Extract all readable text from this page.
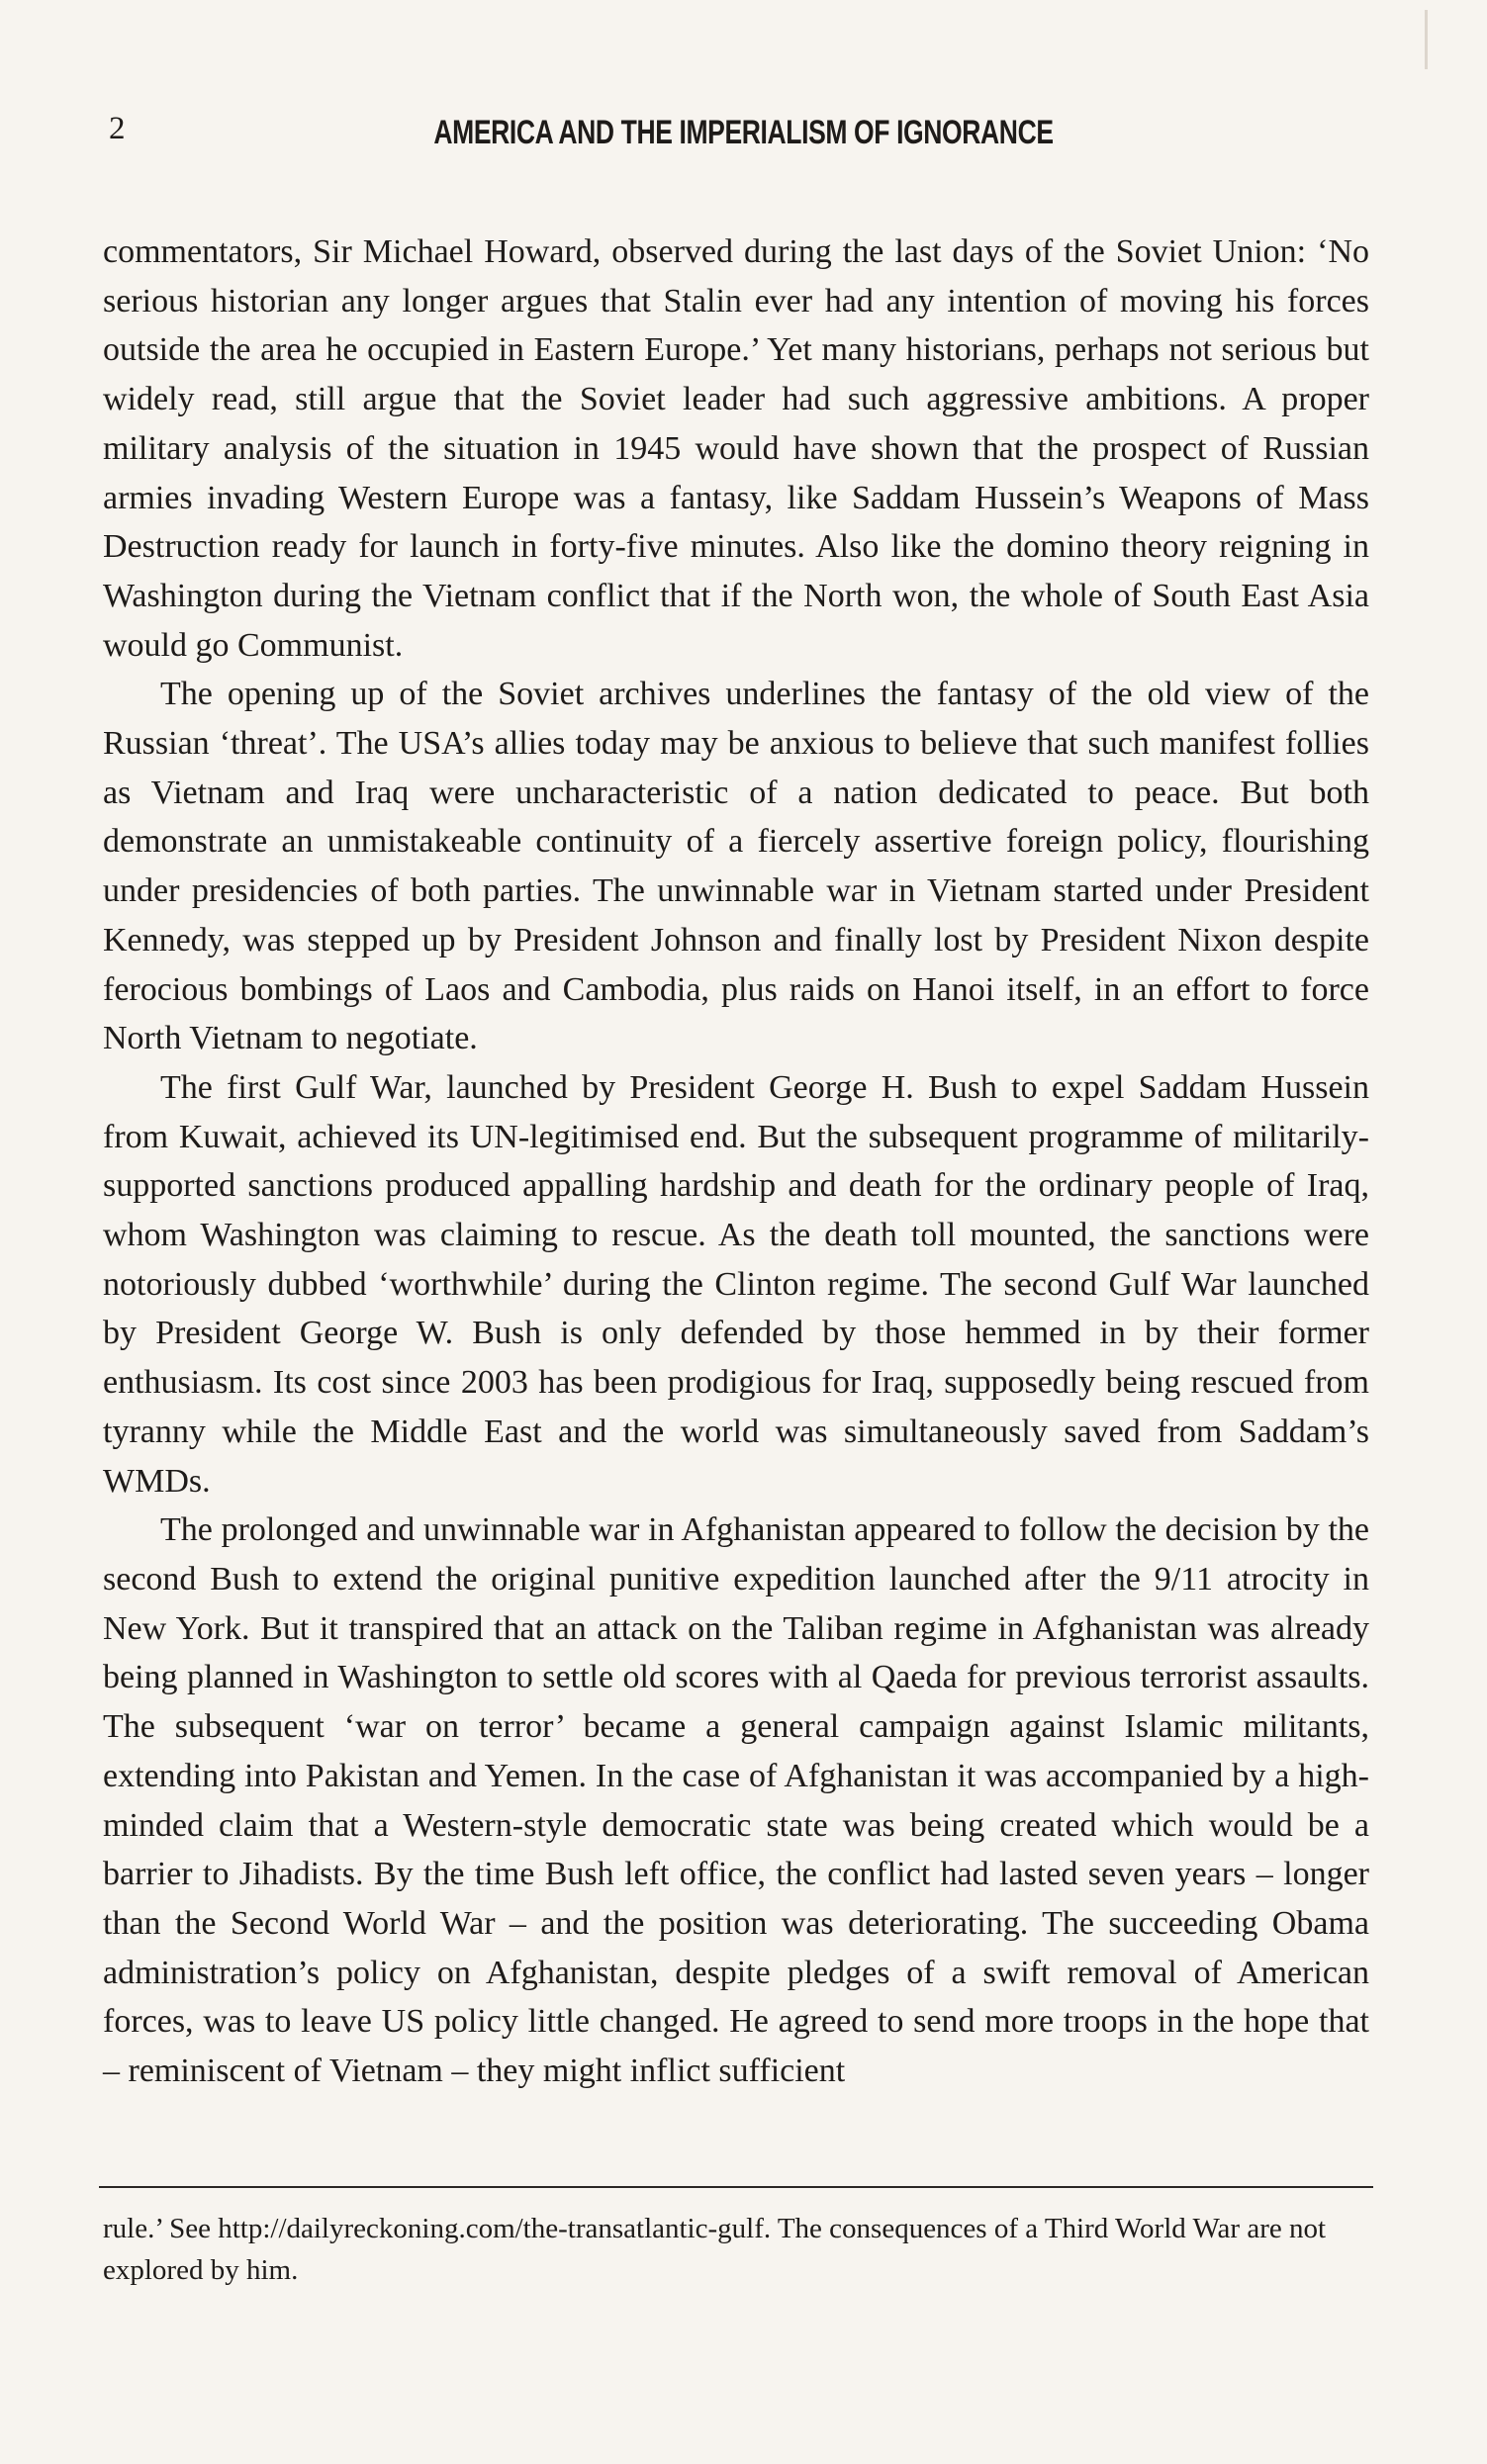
2	AMERICA AND THE IMPERIALISM OF IGNORANCE

commentators, Sir Michael Howard, observed during the last days of the Soviet Union: ‘No serious historian any longer argues that Stalin ever had any intention of moving his forces outside the area he occupied in Eastern Europe.’ Yet many historians, perhaps not serious but widely read, still argue that the Soviet leader had such aggressive ambitions. A proper military analysis of the situation in 1945 would have shown that the prospect of Russian armies invading Western Europe was a fantasy, like Saddam Hussein’s Weapons of Mass Destruction ready for launch in forty-five minutes. Also like the domino theory reigning in Washington during the Vietnam conflict that if the North won, the whole of South East Asia would go Communist.

The opening up of the Soviet archives underlines the fantasy of the old view of the Russian ‘threat’. The USA’s allies today may be anxious to believe that such manifest follies as Vietnam and Iraq were uncharacteristic of a nation dedicated to peace. But both demonstrate an unmistakeable continuity of a fiercely assertive foreign policy, flourishing under presidencies of both parties. The unwinnable war in Vietnam started under President Kennedy, was stepped up by President Johnson and finally lost by President Nixon despite ferocious bombings of Laos and Cambodia, plus raids on Hanoi itself, in an effort to force North Vietnam to negotiate.

The first Gulf War, launched by President George H. Bush to expel Saddam Hussein from Kuwait, achieved its UN-legitimised end. But the subsequent programme of militarily-supported sanctions produced appalling hardship and death for the ordinary people of Iraq, whom Washington was claiming to rescue. As the death toll mounted, the sanctions were notoriously dubbed ‘worthwhile’ during the Clinton regime. The second Gulf War launched by President George W. Bush is only defended by those hemmed in by their former enthusiasm. Its cost since 2003 has been prodigious for Iraq, supposedly being rescued from tyranny while the Middle East and the world was simultaneously saved from Saddam’s WMDs.

The prolonged and unwinnable war in Afghanistan appeared to follow the decision by the second Bush to extend the original punitive expedition launched after the 9/11 atrocity in New York. But it transpired that an attack on the Taliban regime in Afghanistan was already being planned in Washington to settle old scores with al Qaeda for previous terrorist assaults. The subsequent ‘war on terror’ became a general campaign against Islamic militants, extending into Pakistan and Yemen. In the case of Afghanistan it was accompanied by a high-minded claim that a Western-style democratic state was being created which would be a barrier to Jihadists. By the time Bush left office, the conflict had lasted seven years – longer than the Second World War – and the position was deteriorating. The succeeding Obama administration’s policy on Afghanistan, despite pledges of a swift removal of American forces, was to leave US policy little changed. He agreed to send more troops in the hope that – reminiscent of Vietnam – they might inflict sufficient

rule.’ See http://dailyreckoning.com/the-transatlantic-gulf. The consequences of a Third World War are not explored by him.
